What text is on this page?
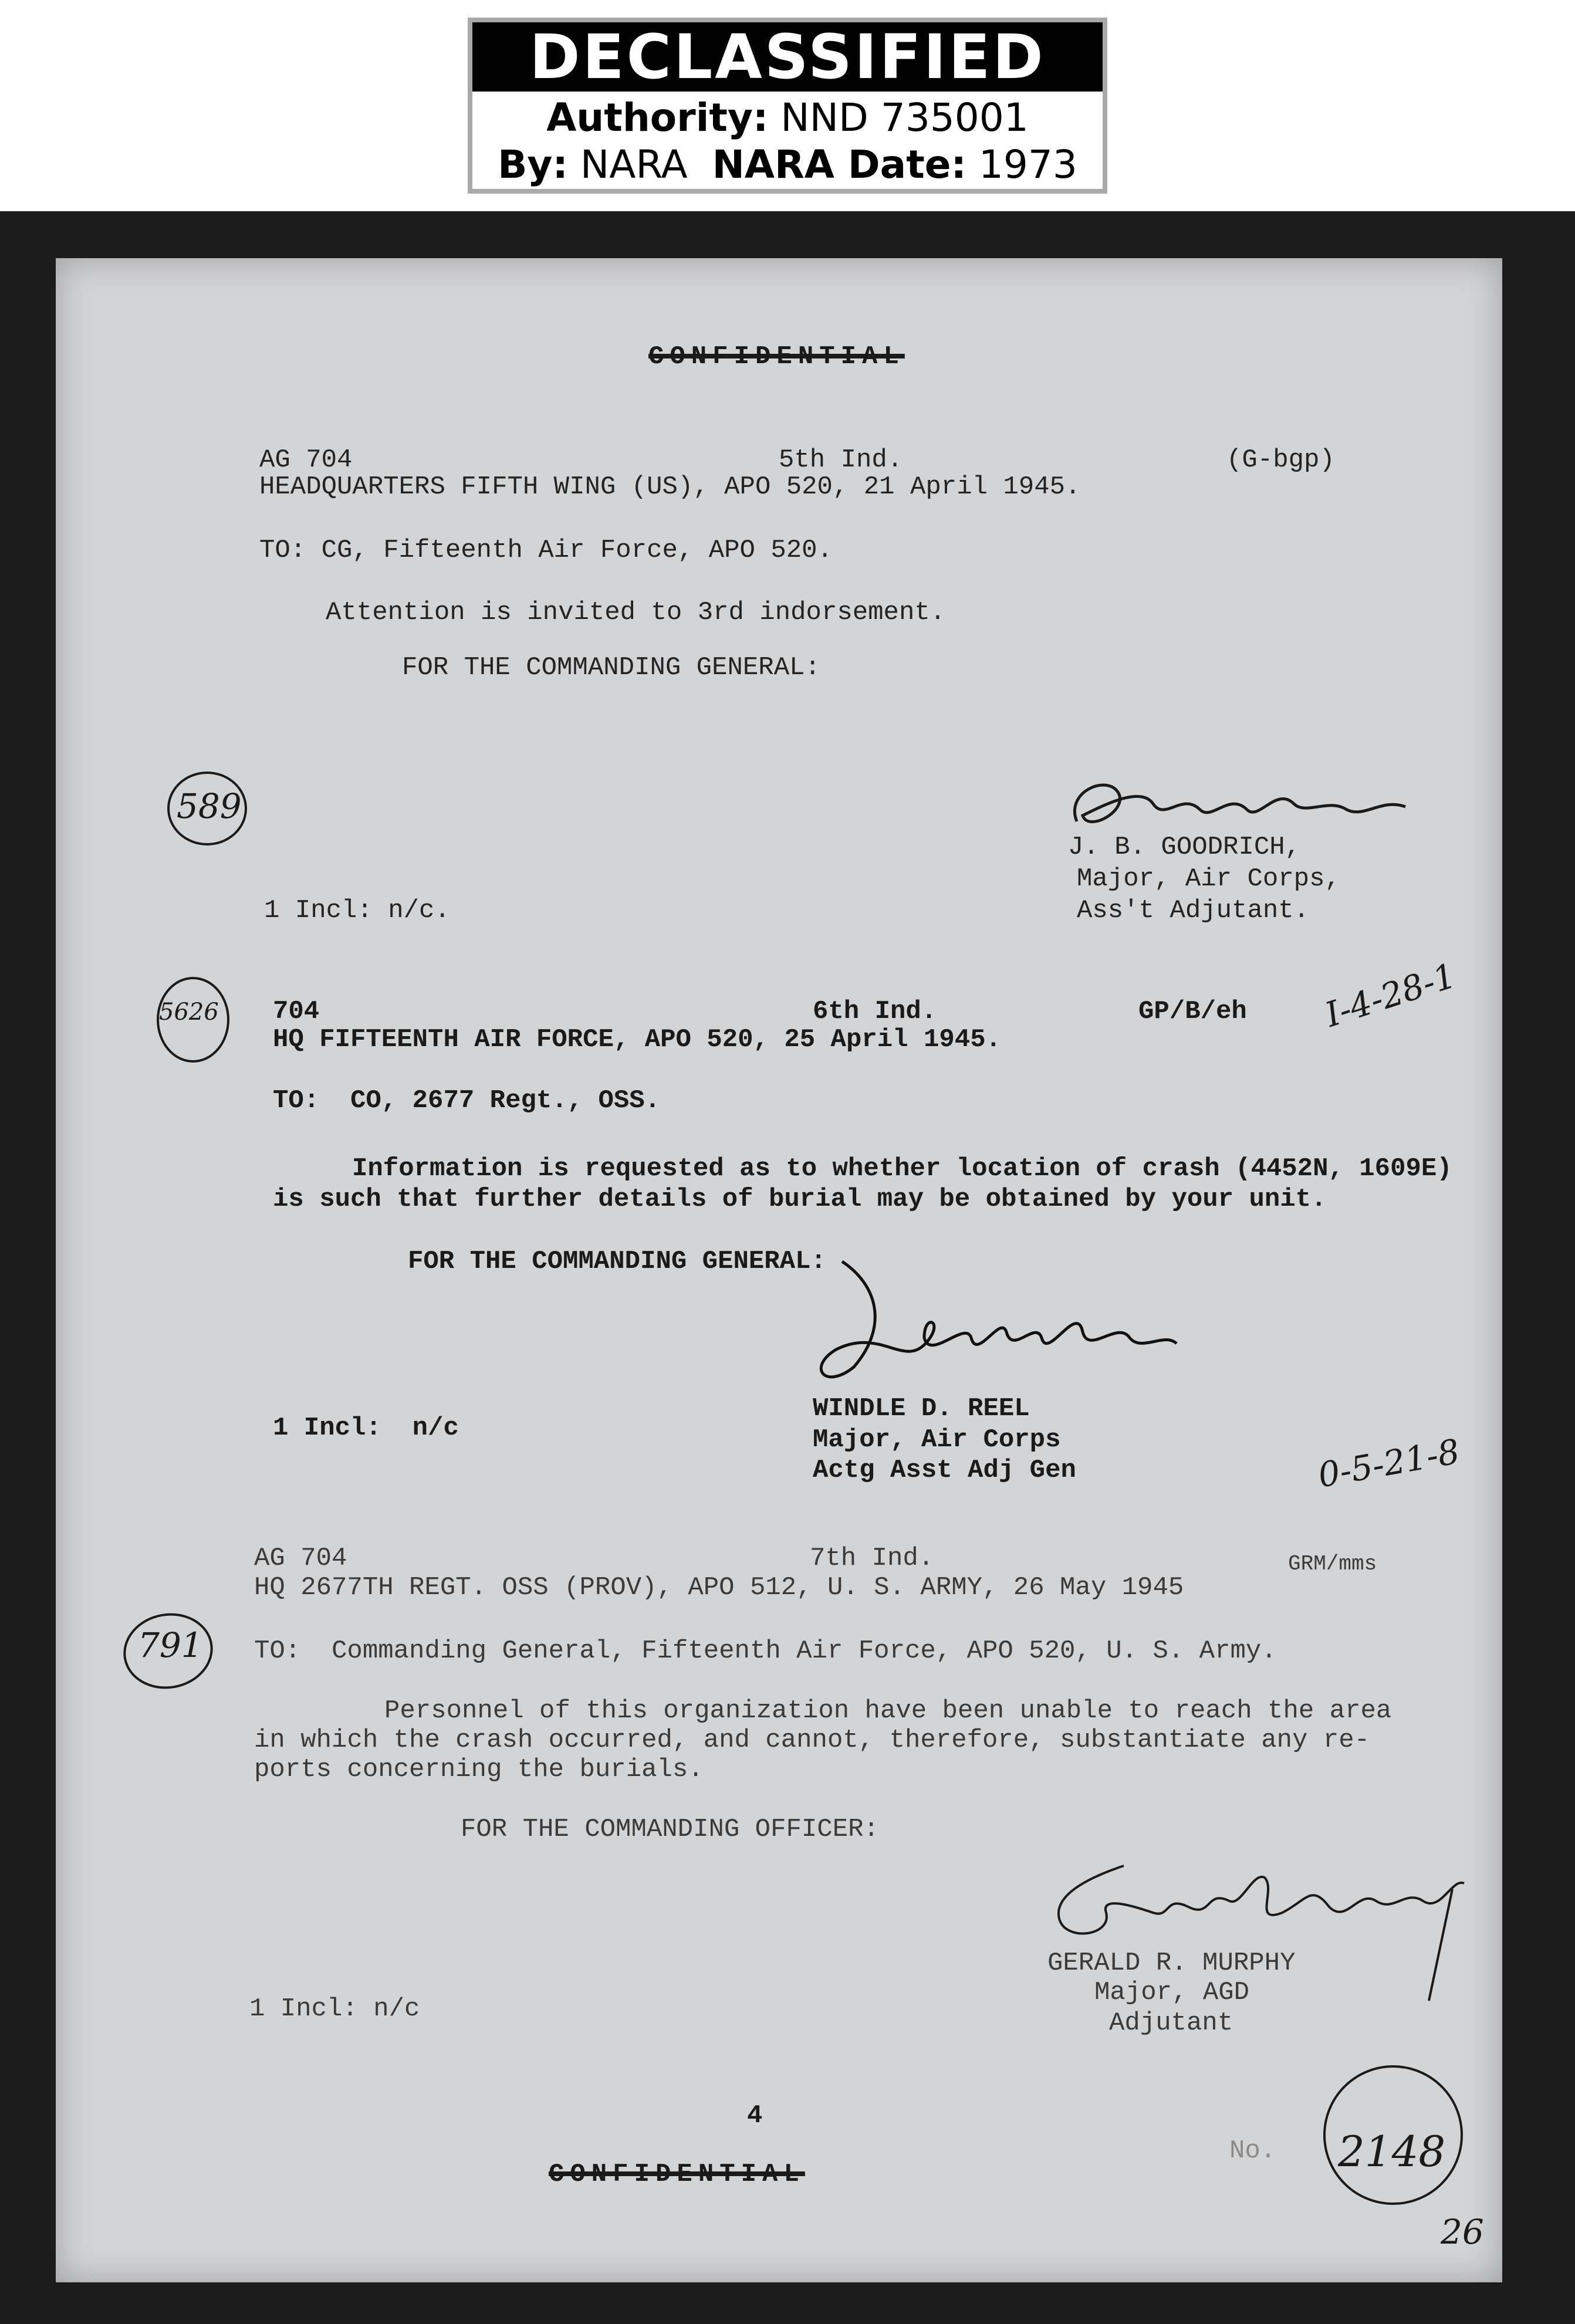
DECLASSIFIED
Authority: NND 735001
By: NARA NARA Date: 1973
CONFIDENTIAL
AG 704	5th Ind.	(G-bgp)
HEADQUARTERS FIFTH WING (US), APO 520, 21 April 1945.
TO: CG, Fifteenth Air Force, APO 520.
Attention is invited to 3rd indorsement.
FOR THE COMMANDING GENERAL:
J. B. GOODRICH,
Major, Air Corps,
Ass't Adjutant.
1 Incl: n/c.
589
704	6th Ind.	GP/B/eh
HQ FIFTEENTH AIR FORCE, APO 520, 25 April 1945.
TO:  CO, 2677 Regt., OSS.
Information is requested as to whether location of crash (4452N, 1609E)
is such that further details of burial may be obtained by your unit.
FOR THE COMMANDING GENERAL:
5626	I-4-28-1
WINDLE D. REEL
Major, Air Corps
Actg Asst Adj Gen
1 Incl:  n/c
0-5-21-8
AG 704	7th Ind.	GRM/mms
HQ 2677TH REGT. OSS (PROV), APO 512, U. S. ARMY, 26 May 1945
TO:  Commanding General, Fifteenth Air Force, APO 520, U. S. Army.
Personnel of this organization have been unable to reach the area
in which the crash occurred, and cannot, therefore, substantiate any re-
ports concerning the burials.
FOR THE COMMANDING OFFICER:
791
GERALD R. MURPHY
Major, AGD
Adjutant
1 Incl: n/c
4
CONFIDENTIAL
No. 2148
26
